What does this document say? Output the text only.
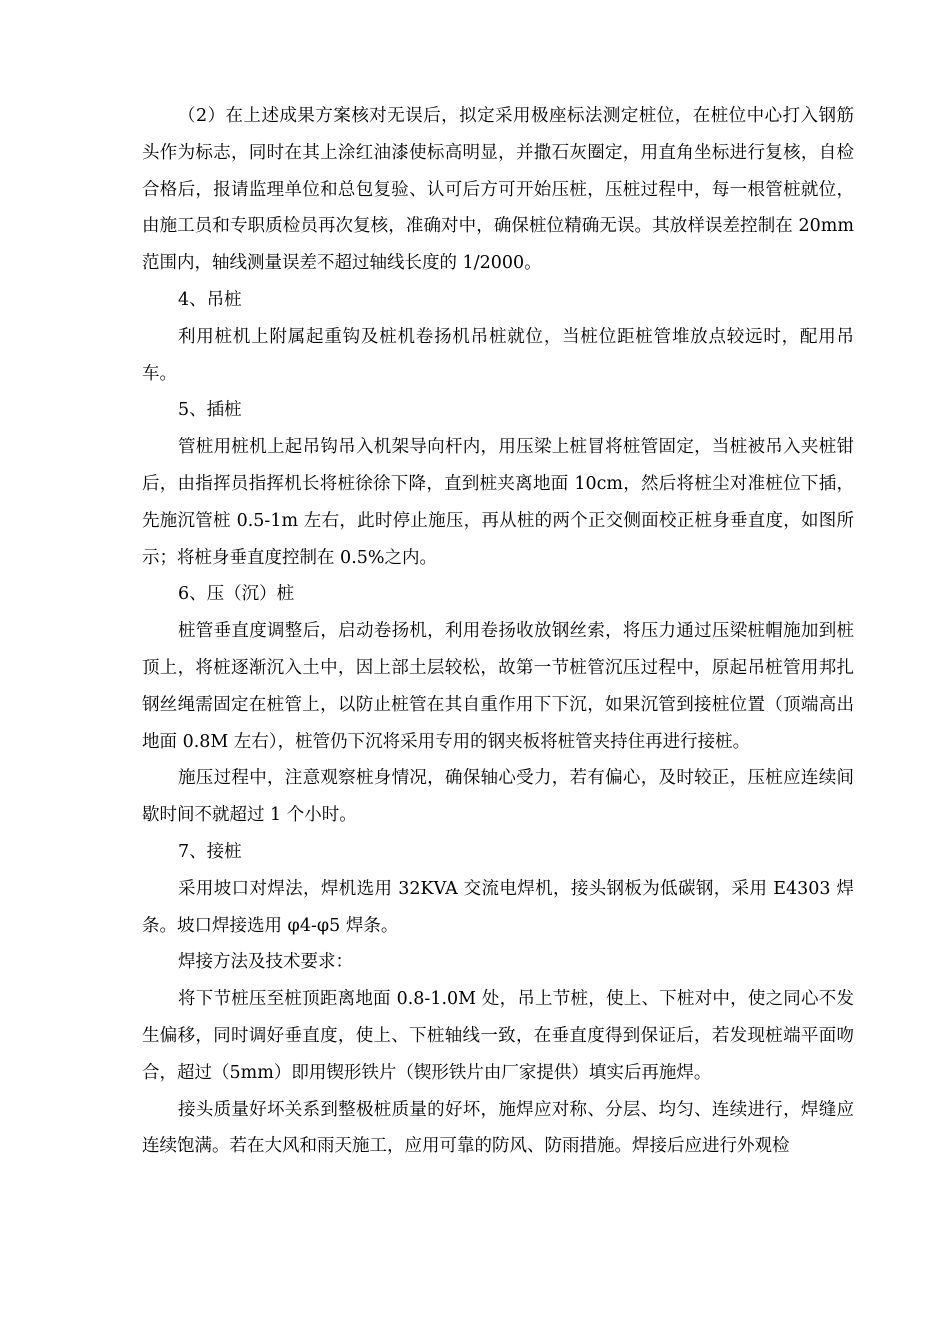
（2）在上述成果方案核对无误后，拟定采用极座标法测定桩位，在桩位中心打入钢筋头作为标志，同时在其上涂红油漆使标高明显，并撒石灰圈定，用直角坐标进行复核，自检合格后，报请监理单位和总包复验、认可后方可开始压桩，压桩过程中，每一根管桩就位，由施工员和专职质检员再次复核，准确对中，确保桩位精确无误。其放样误差控制在 20mm 范围内，轴线测量误差不超过轴线长度的 1/2000。

4、吊桩

利用桩机上附属起重钩及桩机卷扬机吊桩就位，当桩位距桩管堆放点较远时，配用吊车。

5、插桩

管桩用桩机上起吊钩吊入机架导向杆内，用压梁上桩冒将桩管固定，当桩被吊入夹桩钳后，由指挥员指挥机长将桩徐徐下降，直到桩夹离地面 10cm，然后将桩尘对准桩位下插，先施沉管桩 0.5-1m 左右，此时停止施压，再从桩的两个正交侧面校正桩身垂直度，如图所示；将桩身垂直度控制在 0.5%之内。

6、压（沉）桩

桩管垂直度调整后，启动卷扬机，利用卷扬收放钢丝索，将压力通过压梁桩帽施加到桩顶上，将桩逐渐沉入土中，因上部土层较松，故第一节桩管沉压过程中，原起吊桩管用邦扎钢丝绳需固定在桩管上，以防止桩管在其自重作用下下沉，如果沉管到接桩位置（顶端高出地面 0.8M 左右），桩管仍下沉将采用专用的钢夹板将桩管夹持住再进行接桩。

施压过程中，注意观察桩身情况，确保轴心受力，若有偏心，及时较正，压桩应连续间歇时间不就超过 1 个小时。

7、接桩

采用坡口对焊法，焊机选用 32KVA 交流电焊机，接头钢板为低碳钢，采用 E4303 焊条。坡口焊接选用 φ4-φ5 焊条。

焊接方法及技术要求：

将下节桩压至桩顶距离地面 0.8-1.0M 处，吊上节桩，使上、下桩对中，使之同心不发生偏移，同时调好垂直度，使上、下桩轴线一致，在垂直度得到保证后，若发现桩端平面吻合，超过（5mm）即用锲形铁片（锲形铁片由厂家提供）填实后再施焊。

接头质量好坏关系到整极桩质量的好坏，施焊应对称、分层、均匀、连续进行，焊缝应连续饱满。若在大风和雨天施工，应用可靠的防风、防雨措施。焊接后应进行外观检
